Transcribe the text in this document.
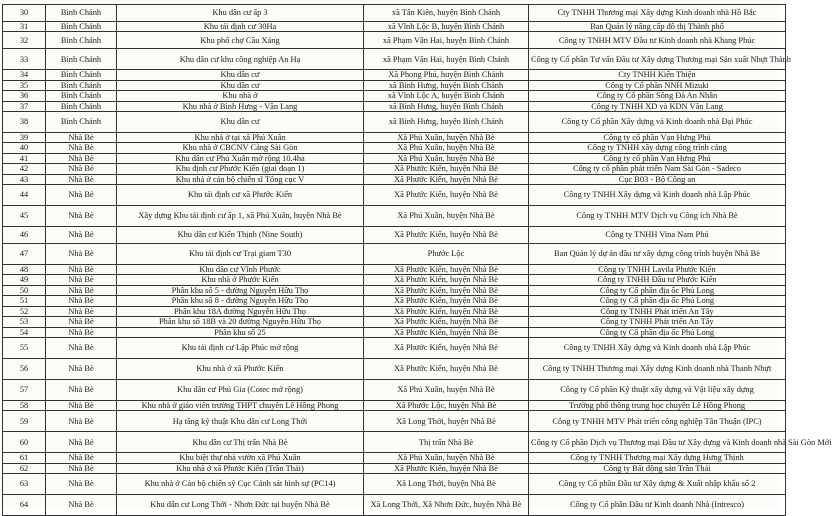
30	Bình Chánh	Khu dân cư ấp 3	xã Tân Kiên, huyện Bình Chánh	Cty TNHH Thương mại Xây dựng Kinh doanh nhà Hồ Bắc
31	Bình Chánh	Khu tái định cư 30Ha	xã Vĩnh Lộc B, huyện Bình Chánh	Ban Quản lý nâng cấp đô thị Thành phố
32	Bình Chánh	Khu phố chợ Cầu Xáng	xã Phạm Văn Hai, huyện Bình Chánh	Công ty TNHH MTV Đầu tư Kinh doanh nhà Khang Phúc
33	Bình Chánh	Khu dân cư khu công nghiệp An Hạ	xã Phạm Văn Hai, huyện Bình Chánh	Công ty Cổ phần Tư vấn Đầu tư Xây dựng Thương mại Sản xuất Nhựt Thành
34	Bình Chánh	Khu dân cư	Xã Phong Phú, huyện Bình Chánh	Cty TNHH Kiến Thiện
35	Bình Chánh	Khu dân cư	xã Bình Hưng, huyện Bình Chánh	Công ty Cổ phần NNH Mizuki
36	Bình Chánh	Khu nhà ở	xã Vĩnh Lộc A, huyện Bình Chánh	Công ty Cổ phần Sông Đà An Nhân
37	Bình Chánh	Khu nhà ở Bình Hưng - Văn Lang	xã Bình Hưng, huyện Bình Chánh	Công ty TNHH XD và KDN Văn Lang
38	Bình Chánh	Khu dân cư	xã Bình Hưng, huyện Bình Chánh	Công ty Cổ phần Xây dựng và Kinh doanh nhà Đại Phúc
39	Nhà Bè	Khu nhà ở tại xã Phú Xuân	Xã Phú Xuân, huyện Nhà Bè	Công ty cổ phần Vạn Hưng Phú
40	Nhà Bè	Khu nhà ở CBCNV Cảng Sài Gòn	Xã Phú Xuân, huyện Nhà Bè	Công ty TNHH xây dựng công trình cảng
41	Nhà Bè	Khu dân cư Phú Xuân mở rộng 10.4ha	Xã Phú Xuân, huyện Nhà Bè	Công ty cổ phần Vạn Hưng Phú
42	Nhà Bè	Khu định cư Phước Kiển (giai đoạn 1)	Xã Phước Kiển, huyện Nhà Bè	Công ty cổ phần phát triển Nam Sài Gòn - Sadeco
43	Nhà Bè	Khu nhà ở cán bộ chiến sĩ Tổng cục V	Xã Phước Kiển, huyện Nhà Bè	Cục B03 - Bộ Công an
44	Nhà Bè	Khu tái định cư xã Phước Kiển	Xã Phước Kiển, huyện Nhà Bè	Công ty TNHH Xây dựng và Kinh doanh nhà Lập Phúc
45	Nhà Bè	Xây dựng Khu tái định cư ấp 1, xã Phú Xuân, huyện Nhà Bè	Xã Phú Xuân, huyện Nhà Bè	Công ty TNHH MTV Dịch vụ Công ích Nhà Bè
46	Nhà Bè	Khu dân cư Kiến Thịnh (Nine South)	Xã Phước Kiển, huyện Nhà Bè	Công ty TNHH Vina Nam Phú
47	Nhà Bè	Khu tái định cư Trại giam T30	Phước Lộc	Ban Quản lý dự án đầu tư xây dựng công trình huyện Nhà Bè
48	Nhà Bè	Khu dân cư Vĩnh Phước	Xã Phước Kiển, huyện Nhà Bè	Công ty TNHH Lavila Phước Kiển
49	Nhà Bè	Khu nhà ở Phước Kiển	Xã Phước Kiển, huyện Nhà Bè	Công ty TNHH Đầu tư Phước Kiển
50	Nhà Bè	Phân khu số 5 - đường Nguyễn Hữu Thọ	Xã Phước Kiển, huyện Nhà Bè	Công ty Cổ phần địa ốc Phú Long
51	Nhà Bè	Phân khu số 8 - đường Nguyễn Hữu Thọ	Xã Phước Kiển, huyện Nhà Bè	Công ty Cổ phần địa ốc Phú Long
52	Nhà Bè	Phân khu 18A đường Nguyễn Hữu Thọ	Xã Phước Kiển, huyện Nhà Bè	Công ty TNHH Phát triển An Tây
53	Nhà Bè	Phân khu số 18B và 20 đường Nguyễn Hữu Thọ	Xã Phước Kiển, huyện Nhà Bè	Công ty TNHH Phát triển An Tây
54	Nhà Bè	Phân khu số 25	Xã Phước Kiển, huyện Nhà Bè	Công ty Cổ phần địa ốc Phú Long
55	Nhà Bè	Khu tái định cư Lập Phúc mở rộng	Xã Phước Kiển, huyện Nhà Bè	Công ty TNHH Xây dựng và Kinh doanh nhà Lập Phúc
56	Nhà Bè	Khu nhà ở xã Phước Kiển	Xã Phước Kiển, huyện Nhà Bè	Công ty TNHH Thương mại Xây dựng Kinh doanh nhà Thanh Nhựt
57	Nhà Bè	Khu dân cư Phú Gia (Cotec mở rộng)	Xã Phú Xuân, huyện Nhà Bè	Công ty Cổ phần Kỹ thuật xây dựng và Vật liệu xây dựng
58	Nhà Bè	Khu nhà ở giáo viên trường THPT chuyên Lê Hồng Phong	Xã Phước Lộc, huyện Nhà Bè	Trường phổ thông trung học chuyên Lê Hồng Phong
59	Nhà Bè	Hạ tầng kỹ thuật Khu dân cư Long Thới	Xã Long Thới, huyện Nhà Bè	Công ty TNHH MTV Phát triển công nghiệp Tân Thuận (IPC)
60	Nhà Bè	Khu dân cư Thị trấn Nhà Bè	Thị trấn Nhà Bè	Công ty Cổ phần Dịch vụ Thương mại Đầu tư Xây dựng và Kinh doanh nhà Sài Gòn Mới
61	Nhà Bè	Khu biệt thự nhà vườn xã Phú Xuân	Xã Phú Xuân, huyện Nhà Bè	Công ty TNHH Thương mại Xây dựng Hưng Thịnh
62	Nhà Bè	Khu nhà ở xã Phước Kiển (Trần Thái)	Xã Phước Kiển, huyện Nhà Bè	Công ty Bất động sản Trần Thái
63	Nhà Bè	Khu nhà ở Cán bộ chiến sỹ Cục Cảnh sát hình sự (PC14)	Xã Long Thới, huyện Nhà Bè	Công ty Cổ phần Đầu tư Xây dựng & Xuất nhập khẩu số 2
64	Nhà Bè	Khu dân cư Long Thới - Nhơn Đức tại huyện Nhà Bè	Xã Long Thới, Xã Nhơn Đức, huyện Nhà Bè	Công ty Cổ phần Đầu tư Kinh doanh Nhà (Intresco)
